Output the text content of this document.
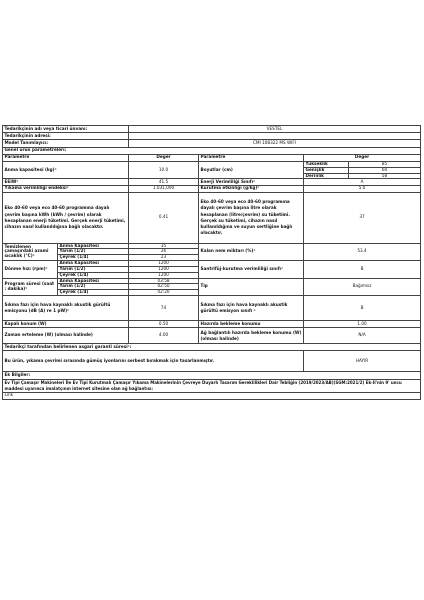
Tedarikçinin adı veya ticari ünvanı:		VESTEL			
Tedarikçinin adresi:					
Model Tanımlayıcı:		CMI 108322 MS WIFI			
Genel ürün parametreleri:					
Parametre		Değer	Parametre	Değer	
Anma kapasitesi (kg)ᵃ		10.0	Boyutlar (cm)	Yükseklik	85
				Genişlik	60
				Derinlik	58
EEIWᵃ		41.5	Enerji Verimliliği Sınıfıᵃ	A	
Yıkama verimliliği endeksiᵃ		1.031,000	Kurutma etkinliği (g/kg)ᵃ	5.0	
Eko 40-60 veya eco 40-60 programına dayalı çevrim başına kWh (kWh / çevrim) olarak hesaplanan enerji tüketimi. Gerçek enerji tüketimi, cihazın nasıl kullanıldığına bağlı olacaktır.		0.41	Eko 40-60 veya eco 40-60 programına dayalı çevrim başına litre olarak hesaplanan (litre/çevrim) su tüketimi. Gerçek su tüketimi, cihazın nasıl kullanıldığına ve suyun sertliğine bağlı olacaktır.	37	
Temizlenen çamaşırdaki azami sıcaklık (°C)ᵃ	Anma Kapasitesi	35	Kalan nem miktarı (%)ᵃ	53.4	
	Yarım (1/2)	26			
	Çeyrek (1/4)	23			
Dönme hızı (rpm)ᵃ	Anma Kapasitesi	1200	Santrifüj-kurutma verimliliği sınıfıᵃ	B	
	Yarım (1/2)	1200			
	Çeyrek (1/4)	1200			
Program süresi (saat : dakika)ᵃ	Anma Kapasitesi	03:58	Tip	Bağımsız	
	Yarım (1/2)	02:50			
	Çeyrek (1/4)	02:20			
Sıkma fazı için hava kaynaklı akustik gürültü emisyonu (dB (A) re 1 pW)ᵃ		74	Sıkma fazı için hava kaynaklı akustik gürültü emisyon sınıfı ᵃ	B	
Kapalı konum (W)		0.50	Hazırda bekleme konumu	1.00	
Zaman erteleme (W) (olması halinde)		4.00	Ağ bağlantılı hazırda bekleme konumu (W) (olması halinde)	N/A	
Tedarikçi tarafından belirlenen asgari garanti süresiᵃ:					
Bu ürün, yıkama çevrimi sırasında gümüş iyonlarını serbest bırakmak için tasarlanmıştır.				HAYIR	
Ek Bilgiler:					
Ev Tipi Çamaşır Makineleri İle Ev Tipi Kurutmalı Çamaşır Yıkama Makinelerinin Çevreye Duyarlı Tasarım Gereklilikleri Dair Tebliğin (2019/2023/AB)(SGM:2021/2) Ek-II'nin 9' uncu maddesi uyarınca imalatçının internet sitesine olan ağ bağlantısı:					
Link					
